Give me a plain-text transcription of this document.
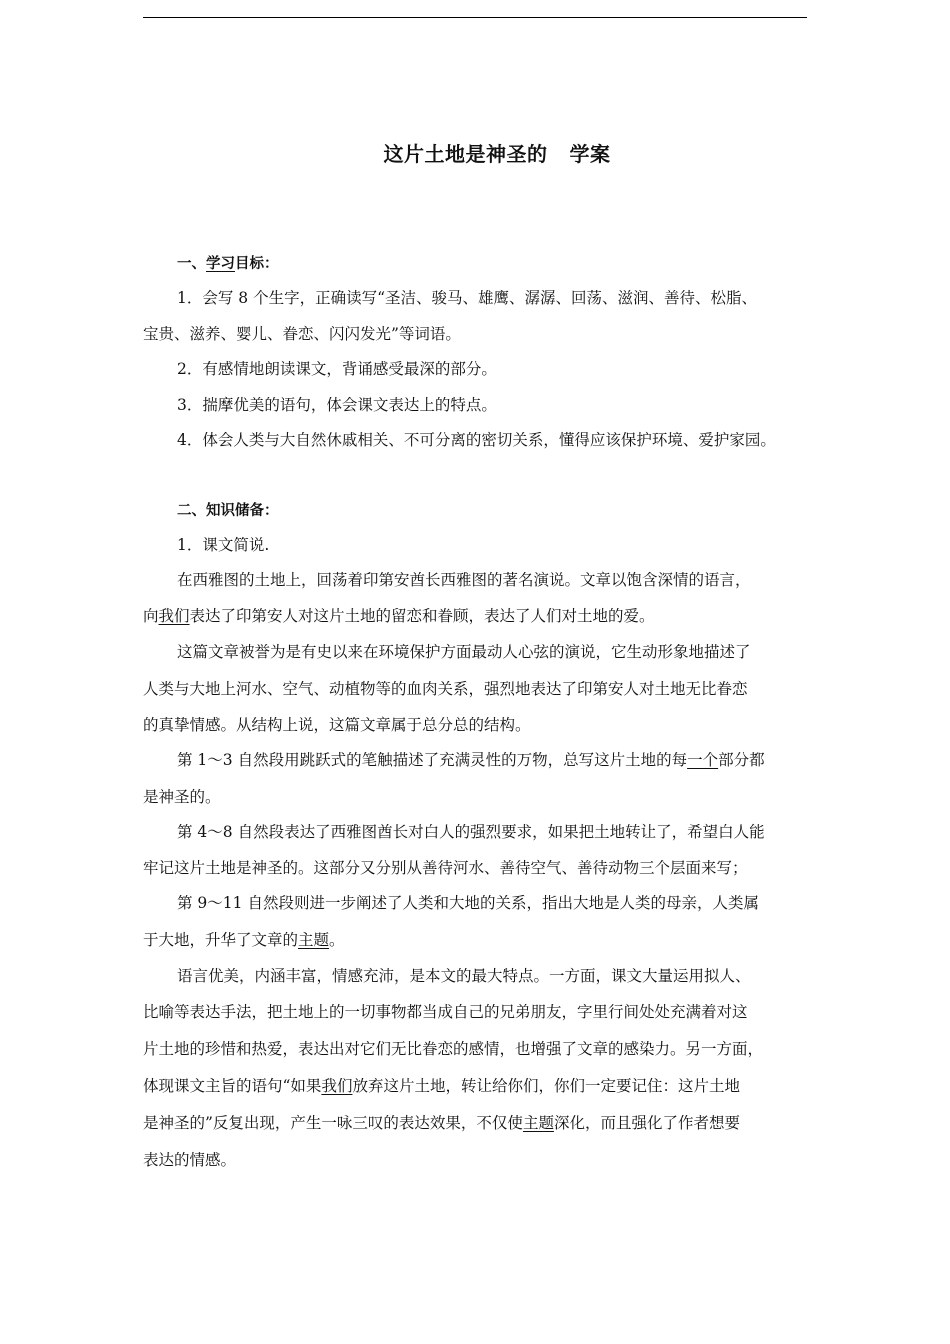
这片土地是神圣的 学案
一、学习目标：
1．会写 8 个生字，正确读写“圣洁、骏马、雄鹰、潺潺、回荡、滋润、善待、松脂、
宝贵、滋养、婴儿、眷恋、闪闪发光”等词语。
2．有感情地朗读课文，背诵感受最深的部分。
3．揣摩优美的语句，体会课文表达上的特点。
4．体会人类与大自然休戚相关、不可分离的密切关系，懂得应该保护环境、爱护家园。
二、知识储备：
1．课文简说.
在西雅图的土地上，回荡着印第安酋长西雅图的著名演说。文章以饱含深情的语言，
向我们表达了印第安人对这片土地的留恋和眷顾，表达了人们对土地的爱。
这篇文章被誉为是有史以来在环境保护方面最动人心弦的演说，它生动形象地描述了
人类与大地上河水、空气、动植物等的血肉关系，强烈地表达了印第安人对土地无比眷恋
的真挚情感。从结构上说，这篇文章属于总分总的结构。
第 1～3 自然段用跳跃式的笔触描述了充满灵性的万物，总写这片土地的每一个部分都
是神圣的。
第 4～8 自然段表达了西雅图酋长对白人的强烈要求，如果把土地转让了，希望白人能
牢记这片土地是神圣的。这部分又分别从善待河水、善待空气、善待动物三个层面来写；
第 9～11 自然段则进一步阐述了人类和大地的关系，指出大地是人类的母亲，人类属
于大地，升华了文章的主题。
语言优美，内涵丰富，情感充沛，是本文的最大特点。一方面，课文大量运用拟人、
比喻等表达手法，把土地上的一切事物都当成自己的兄弟朋友，字里行间处处充满着对这
片土地的珍惜和热爱，表达出对它们无比眷恋的感情，也增强了文章的感染力。另一方面，
体现课文主旨的语句“如果我们放弃这片土地，转让给你们，你们一定要记住：这片土地
是神圣的”反复出现，产生一咏三叹的表达效果，不仅使主题深化，而且强化了作者想要
表达的情感。
